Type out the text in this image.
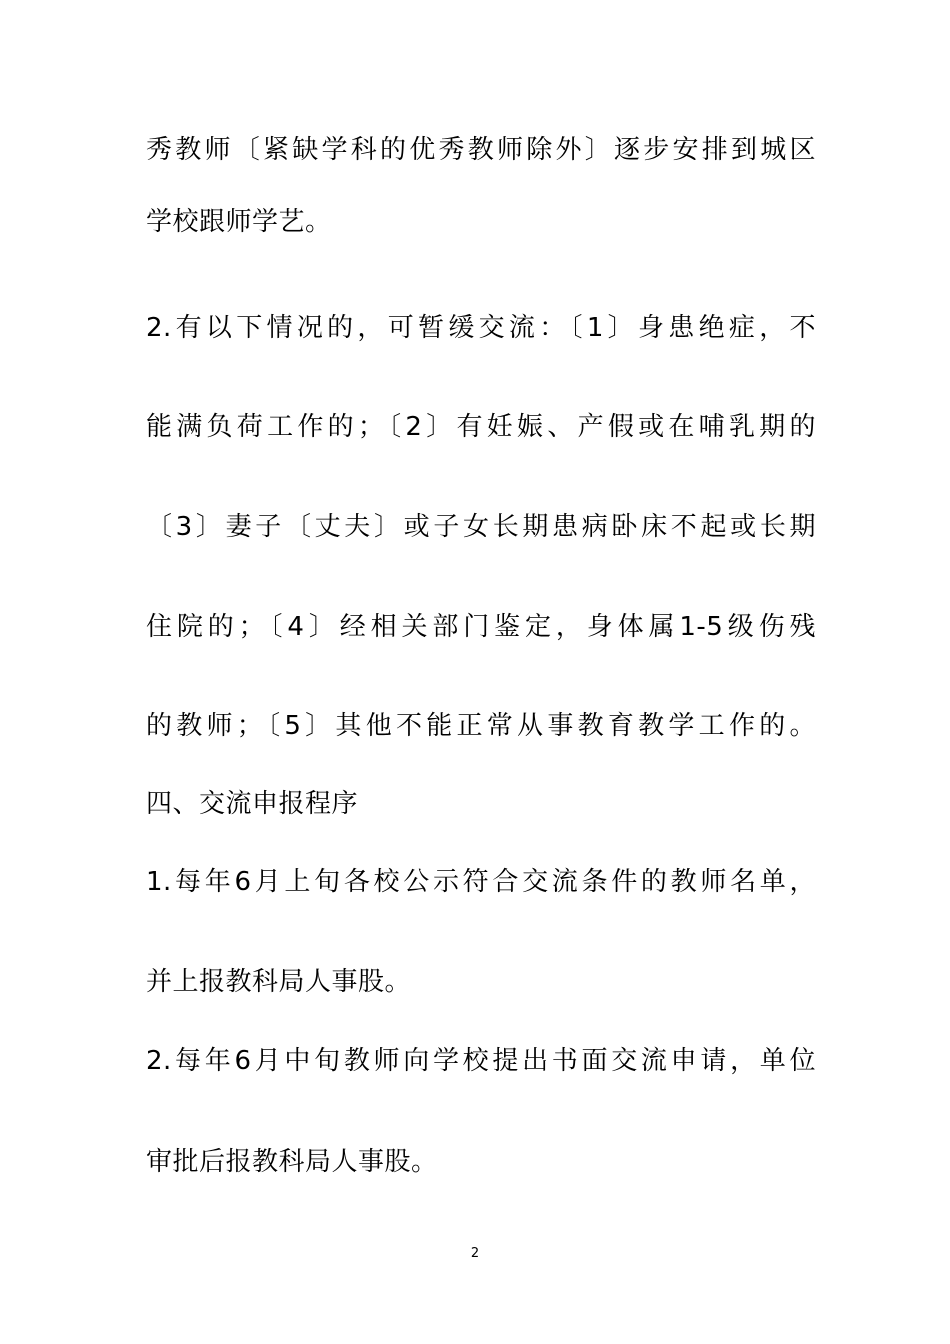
秀教师〔紧缺学科的优秀教师除外〕逐步安排到城区
学校跟师学艺。
2.有以下情况的，可暂缓交流：〔1〕身患绝症，不
能满负荷工作的；〔2〕有妊娠、产假或在哺乳期的
〔3〕妻子〔丈夫〕或子女长期患病卧床不起或长期
住院的；〔4〕经相关部门鉴定，身体属1-5级伤残
的教师；〔5〕其他不能正常从事教育教学工作的。
四、交流申报程序
1.每年6月上旬各校公示符合交流条件的教师名单，
并上报教科局人事股。
2.每年6月中旬教师向学校提出书面交流申请，单位
审批后报教科局人事股。
2
